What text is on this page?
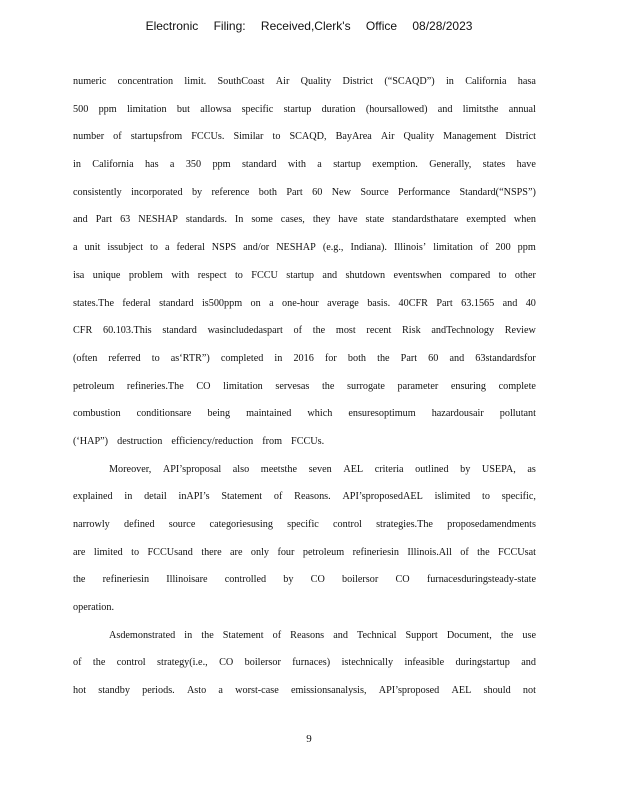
Electronic Filing: Received,Clerk's Office 08/28/2023
numeric concentration limit. SouthCoast Air Quality District (“SCAQD”) in California hasa
500 ppm limitation but allowsa specific startup duration (hoursallowed) and limitsthe annual
number of startupsfrom FCCUs. Similar to SCAQD, BayArea Air Quality Management District
in California has a 350 ppm standard with a startup exemption. Generally, states have
consistently incorporated by reference both Part 60 New Source Performance Standard(“NSPS”)
and Part 63 NESHAP standards. In some cases, they have state standardsthatare exempted when
a unit issubject to a federal NSPS and/or NESHAP (e.g., Indiana). Illinois’ limitation of 200 ppm
isa unique problem with respect to FCCU startup and shutdown eventswhen compared to other
states.The federal standard is500ppm on a one-hour average basis. 40CFR Part 63.1565 and 40
CFR 60.103.This standard wasincludedaspart of the most recent Risk andTechnology Review
(often referred to as‘RTR”) completed in 2016 for both the Part 60 and 63standardsfor
petroleum refineries.The CO limitation servesas the surrogate parameter ensuring complete
combustion conditionsare being maintained which ensuresoptimum hazardousair pollutant
(‘HAP”) destruction efficiency/reduction from FCCUs.
Moreover, API’sproposal also meetsthe seven AEL criteria outlined by USEPA, as
explained in detail inAPI’s Statement of Reasons. API’sproposedAEL islimited to specific,
narrowly defined source categoriesusing specific control strategies.The proposedamendments
are limited to FCCUsand there are only four petroleum refineriesin Illinois.All of the FCCUsat
the refineriesin Illinoisare controlled by CO boilersor CO furnacesduringsteady-state
operation.
Asdemonstrated in the Statement of Reasons and Technical Support Document, the use
of the control strategy(i.e., CO boilersor furnaces) istechnically infeasible duringstartup and
hot standby periods. Asto a worst-case emissionsanalysis, API’sproposed AEL should not
9
